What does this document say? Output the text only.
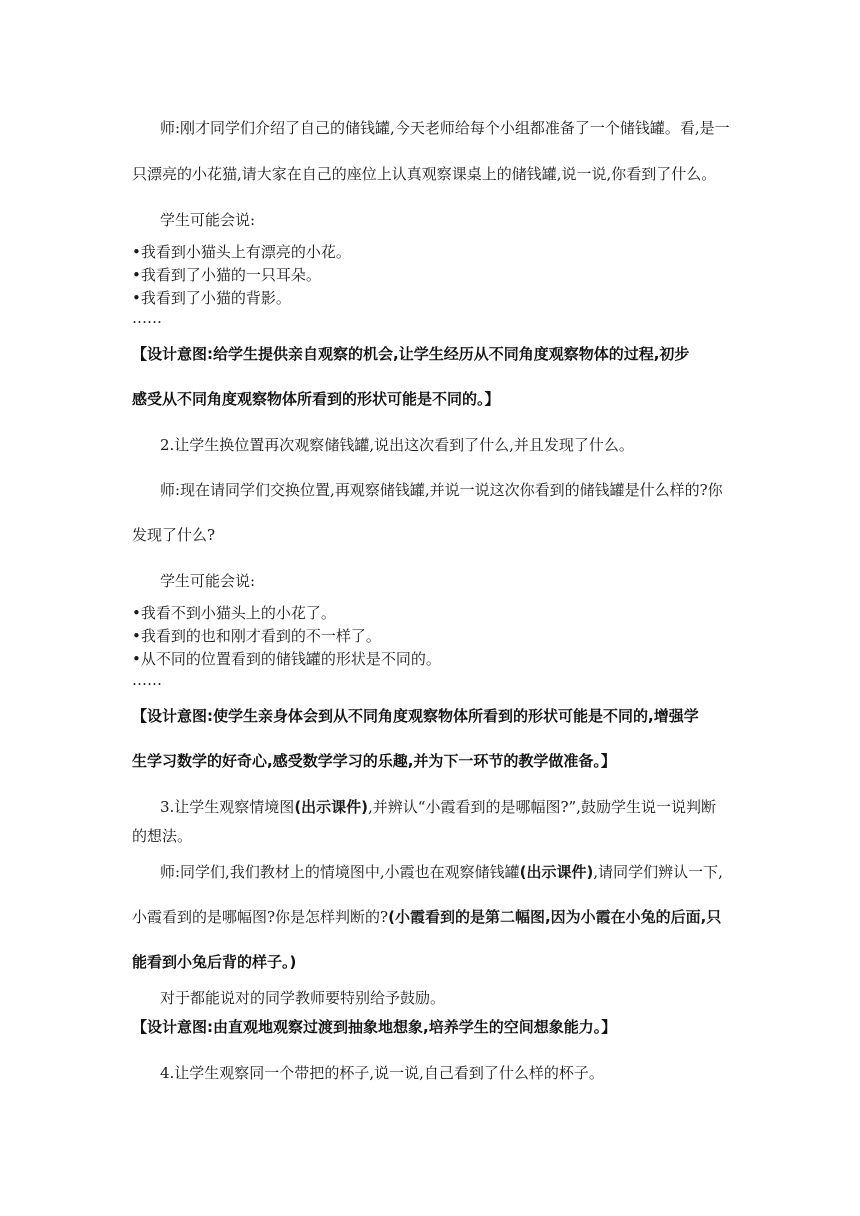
师:刚才同学们介绍了自己的储钱罐,今天老师给每个小组都准备了一个储钱罐。看,是一
只漂亮的小花猫,请大家在自己的座位上认真观察课桌上的储钱罐,说一说,你看到了什么。
学生可能会说:
•我看到小猫头上有漂亮的小花。
•我看到了小猫的一只耳朵。
•我看到了小猫的背影。
……
【设计意图:给学生提供亲自观察的机会,让学生经历从不同角度观察物体的过程,初步
感受从不同角度观察物体所看到的形状可能是不同的。】
2.让学生换位置再次观察储钱罐,说出这次看到了什么,并且发现了什么。
师:现在请同学们交换位置,再观察储钱罐,并说一说这次你看到的储钱罐是什么样的?你
发现了什么?
学生可能会说:
•我看不到小猫头上的小花了。
•我看到的也和刚才看到的不一样了。
•从不同的位置看到的储钱罐的形状是不同的。
……
【设计意图:使学生亲身体会到从不同角度观察物体所看到的形状可能是不同的,增强学
生学习数学的好奇心,感受数学学习的乐趣,并为下一环节的教学做准备。】
3.让学生观察情境图(出示课件),并辨认“小霞看到的是哪幅图?”,鼓励学生说一说判断
的想法。
师:同学们,我们教材上的情境图中,小霞也在观察储钱罐(出示课件),请同学们辨认一下,
小霞看到的是哪幅图?你是怎样判断的?(小霞看到的是第二幅图,因为小霞在小兔的后面,只
能看到小兔后背的样子。)
对于都能说对的同学教师要特别给予鼓励。
【设计意图:由直观地观察过渡到抽象地想象,培养学生的空间想象能力。】
4.让学生观察同一个带把的杯子,说一说,自己看到了什么样的杯子。
